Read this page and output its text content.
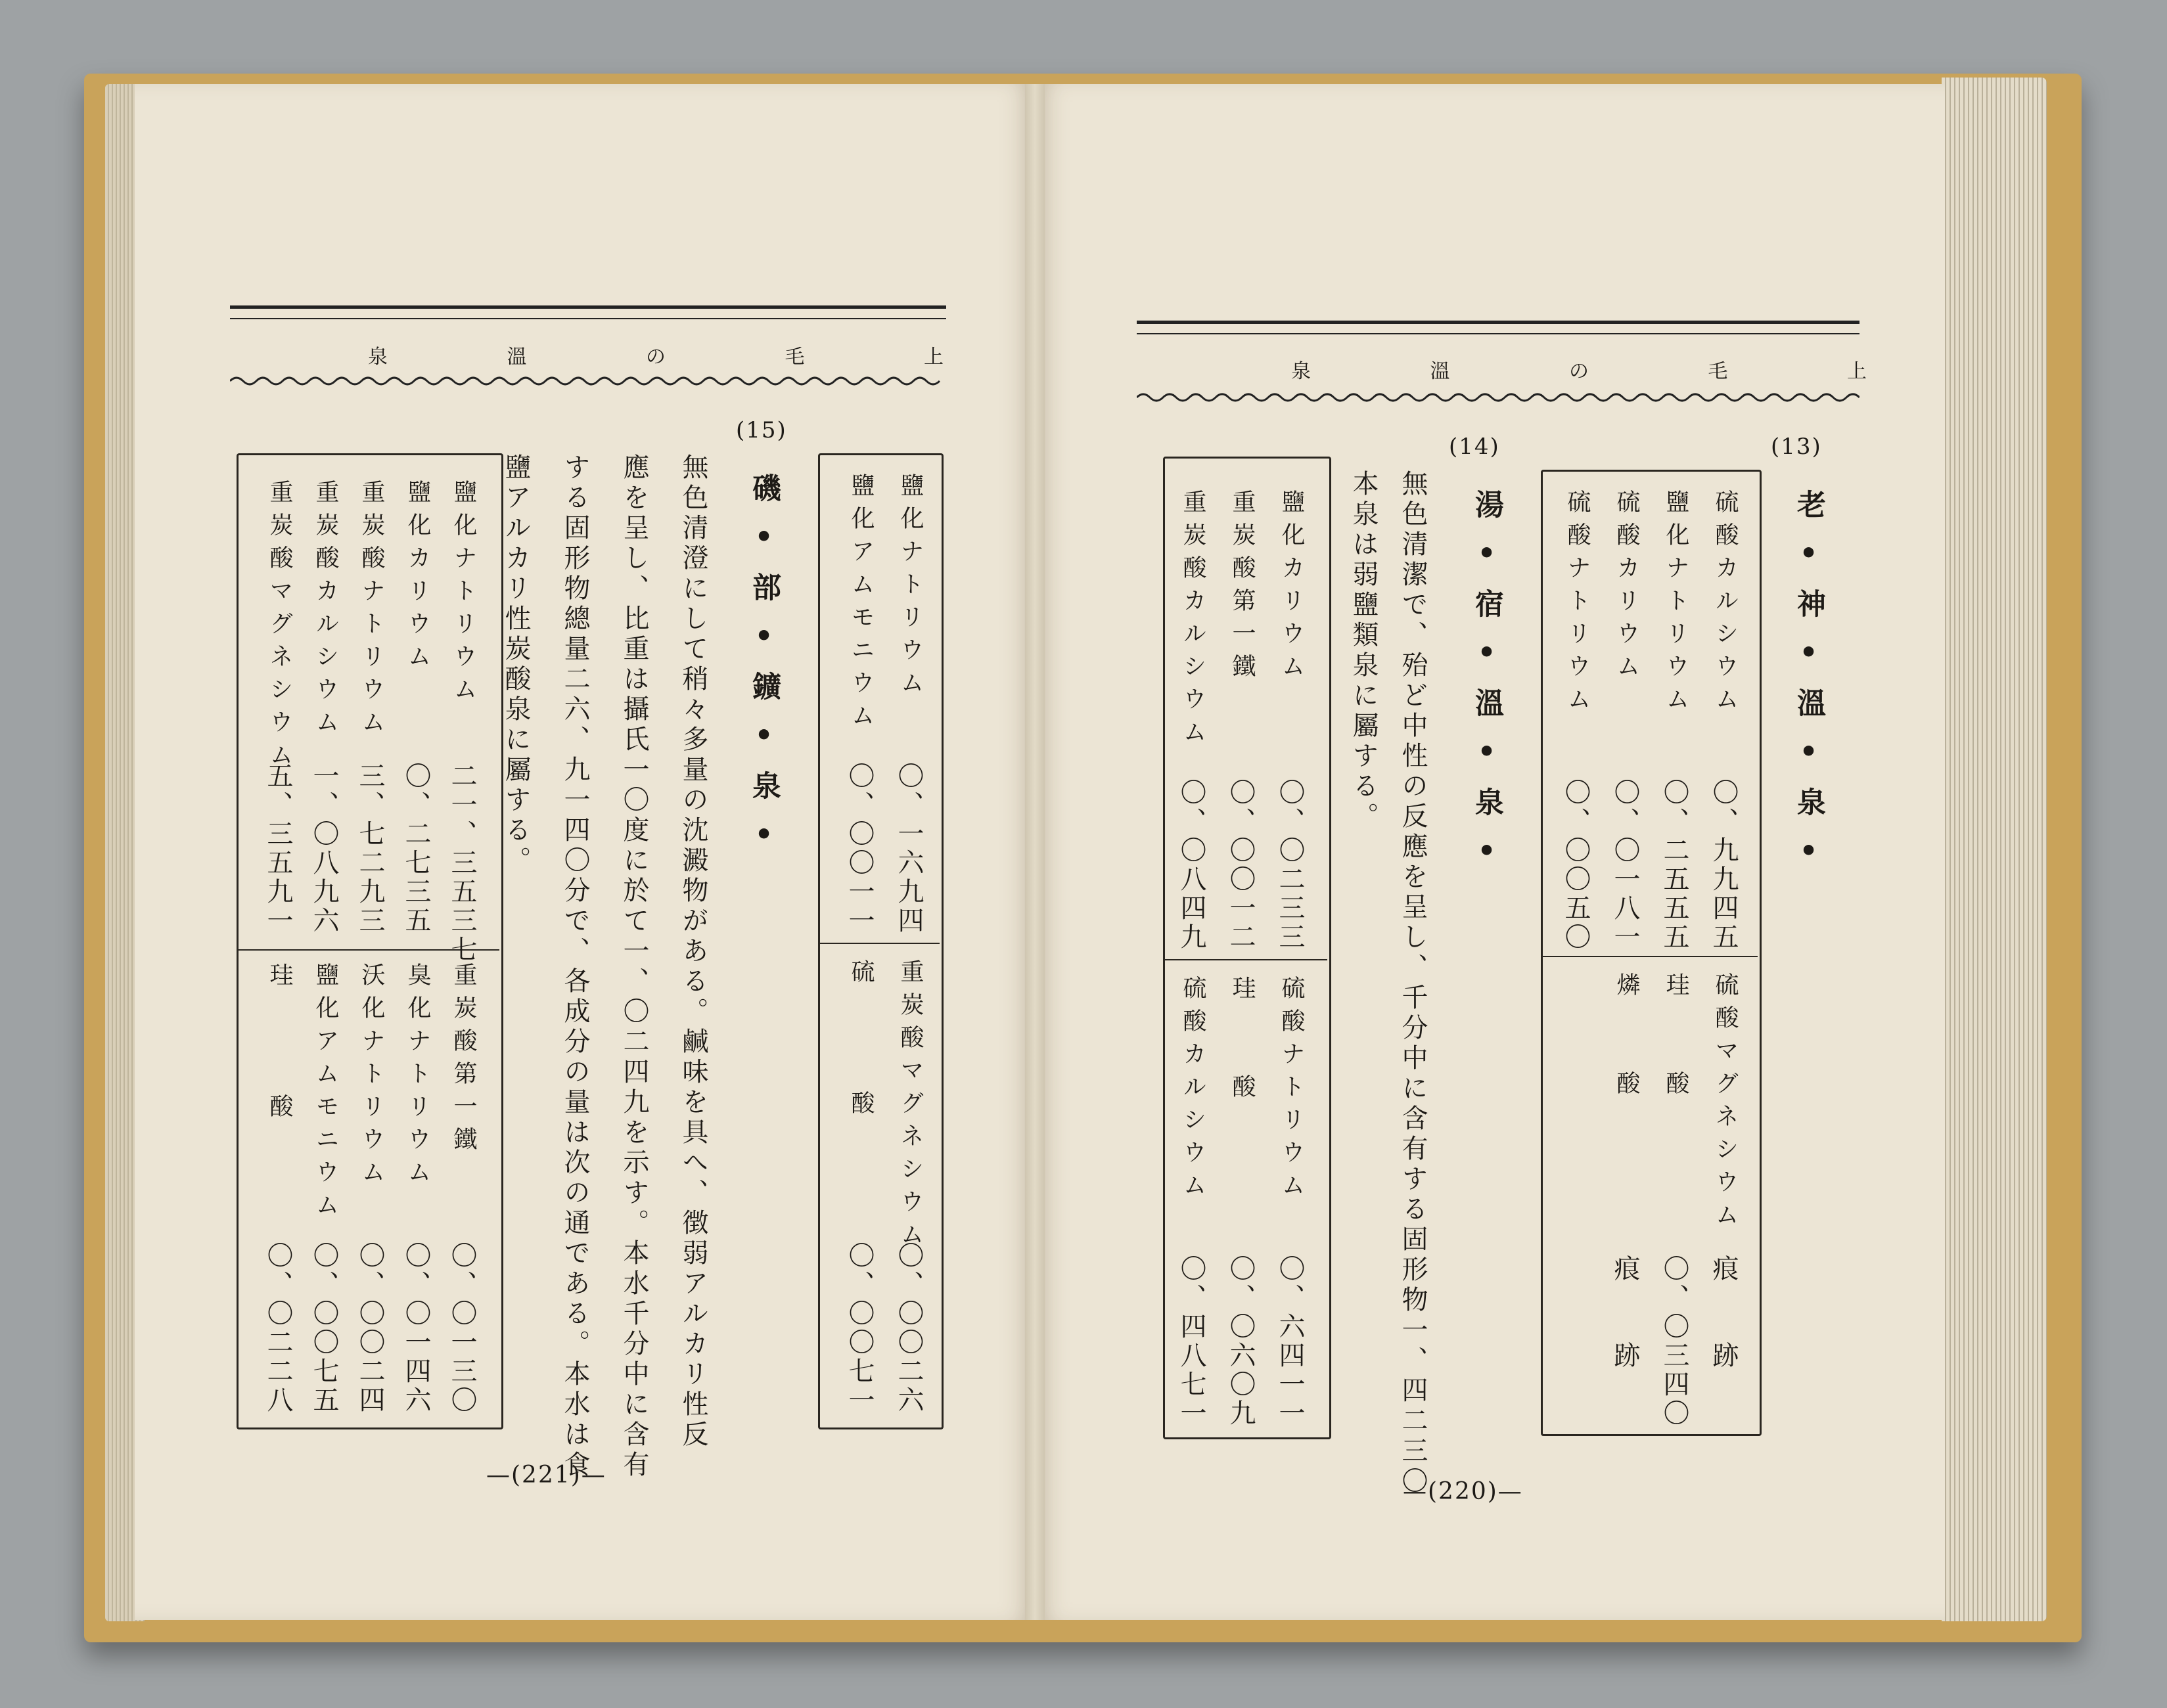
泉	溫	の	毛	上
泉	溫	の	毛	上
鹽化ナトリウム
〇、一六九四
鹽化アムモニウム
〇、〇〇一一
重炭酸マグネシウム
〇、〇〇二六
硫　　　酸
〇、〇〇七一
(15)
磯•部•鑛•泉•
無色清澄にして稍々多量の沈澱物がある。鹹味を具へ、徴弱アルカリ性反
應を呈し、比重は攝氏一〇度に於て一、〇二四九を示す。本水千分中に含有
する固形物總量二六、九一四〇分で、各成分の量は次の通である。本水は食
鹽アルカリ性炭酸泉に屬する。
鹽化ナトリウム
二一、三五三七
鹽化カリウム
〇、二七三五
重炭酸ナトリウム
三、七二九三
重炭酸カルシウム
一、〇八九六
重炭酸マグネシウム
五、三五九一
重炭酸第一鐵
〇、〇一三〇
臭化ナトリウム
〇、〇一四六
沃化ナトリウム
〇、〇〇二四
鹽化アムモニウム
〇、〇〇七五
珪　　　酸
〇、〇二二八
—(221)—
(13)
老•神•溫•泉•
硫酸カルシウム
〇、九九四五
鹽化ナトリウム
〇、二五五五
硫酸カリウム
〇、〇一八一
硫酸ナトリウム
〇、〇〇五〇
硫酸マグネシウム
痕　　跡
珪　　酸
〇、〇三四〇
燐　　酸
痕　　跡
(14)
湯•宿•溫•泉•
無色清潔で、殆ど中性の反應を呈し、千分中に含有する固形物一、四二三〇
本泉は弱鹽類泉に屬する。
鹽化カリウム
〇、〇二三三
重炭酸第一鐵
〇、〇〇一二
重炭酸カルシウム
〇、〇八四九
硫酸ナトリウム
〇、六四一一
珪　　酸
〇、〇六〇九
硫酸カルシウム
〇、四八七一
—(220)—
